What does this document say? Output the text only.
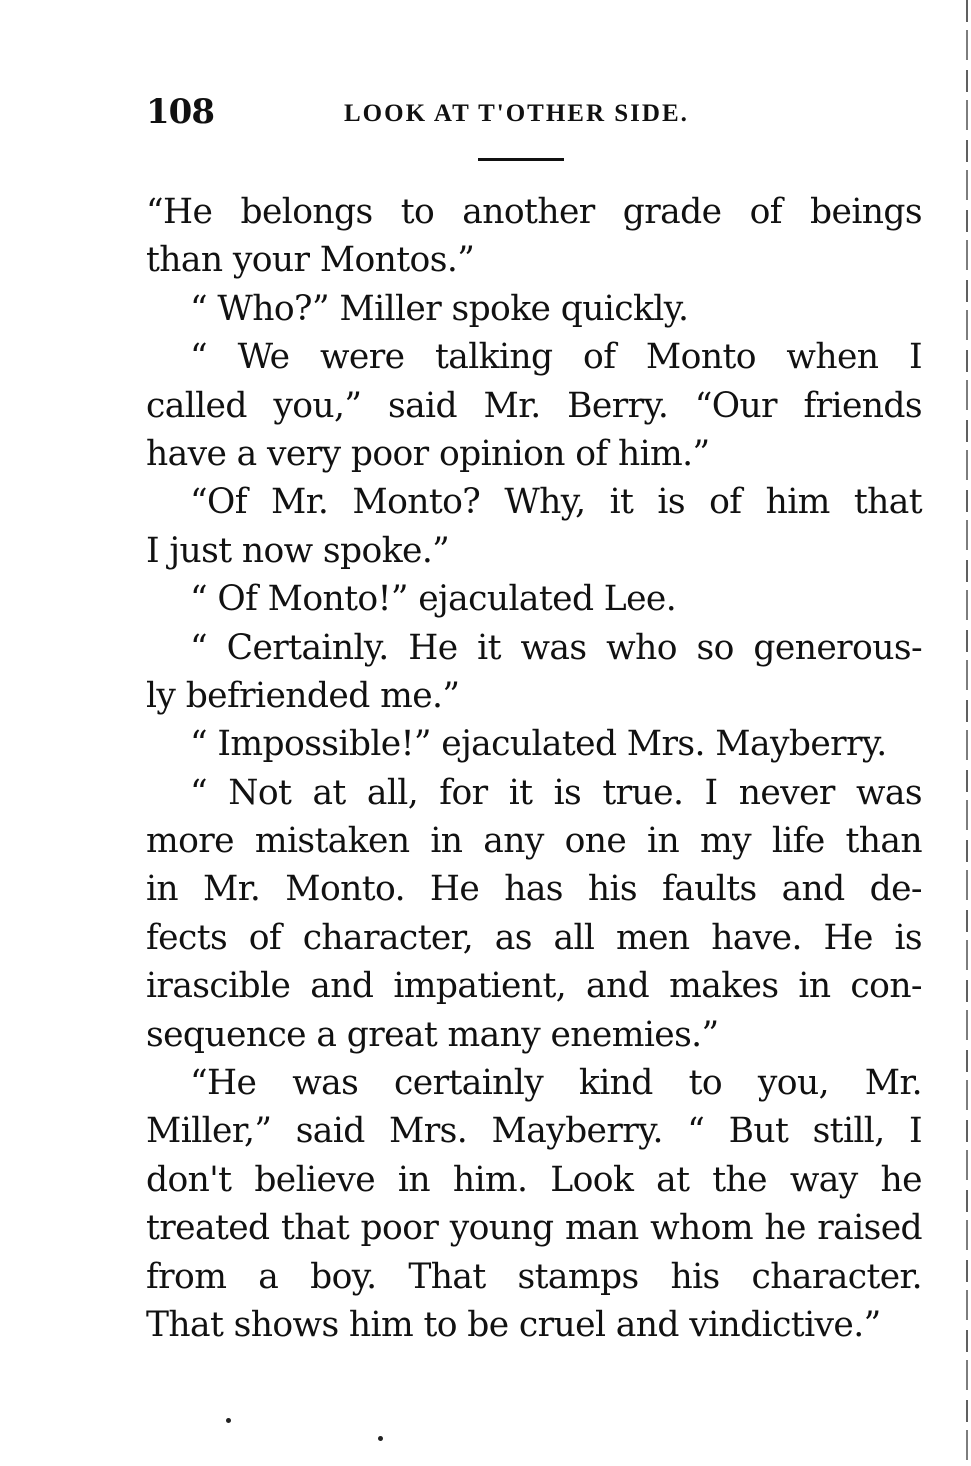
108	LOOK AT T'OTHER SIDE.
“He belongs to another grade of beings
than your Montos.”
“ Who?” Miller spoke quickly.
“ We were talking of Monto when I
called you,” said Mr. Berry. “Our friends
have a very poor opinion of him.”
“Of Mr. Monto? Why, it is of him that
I just now spoke.”
“ Of Monto!” ejaculated Lee.
“ Certainly. He it was who so generous-
ly befriended me.”
“ Impossible!” ejaculated Mrs. Mayberry.
“ Not at all, for it is true. I never was
more mistaken in any one in my life than
in Mr. Monto. He has his faults and de-
fects of character, as all men have. He is
irascible and impatient, and makes in con-
sequence a great many enemies.”
“He was certainly kind to you, Mr.
Miller,” said Mrs. Mayberry. “ But still, I
don't believe in him. Look at the way he
treated that poor young man whom he raised
from a boy. That stamps his character.
That shows him to be cruel and vindictive.”
